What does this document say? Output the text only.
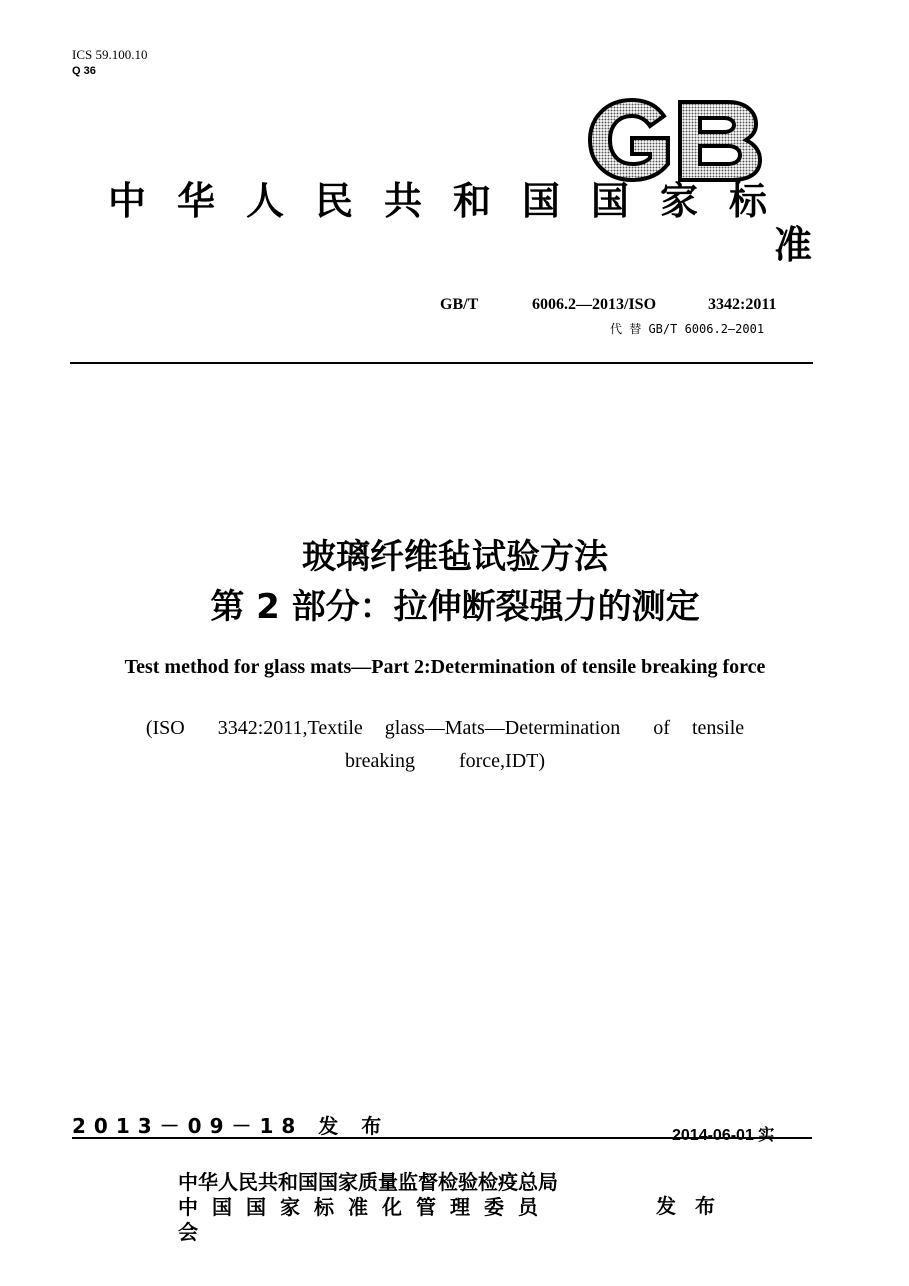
ICS 59.100.10
Q 36
中华人民共和国国家标
准
GB/T	6006.2—2013/ISO	3342:2011
代 替 GB/T 6006.2—2001
玻璃纤维毡试验方法
第 2 部分：拉伸断裂强力的测定
Test method for glass mats—Part 2:Determination of tensile breaking force
(ISO   3342:2011,Textile  glass—Mats—Determination   of  tensile
breaking    force,IDT)
2013－09－18 发 布	2014-06-01 实
中华人民共和国国家质量监督检验检疫总局
中国国家标准化管理委员
会
发 布
